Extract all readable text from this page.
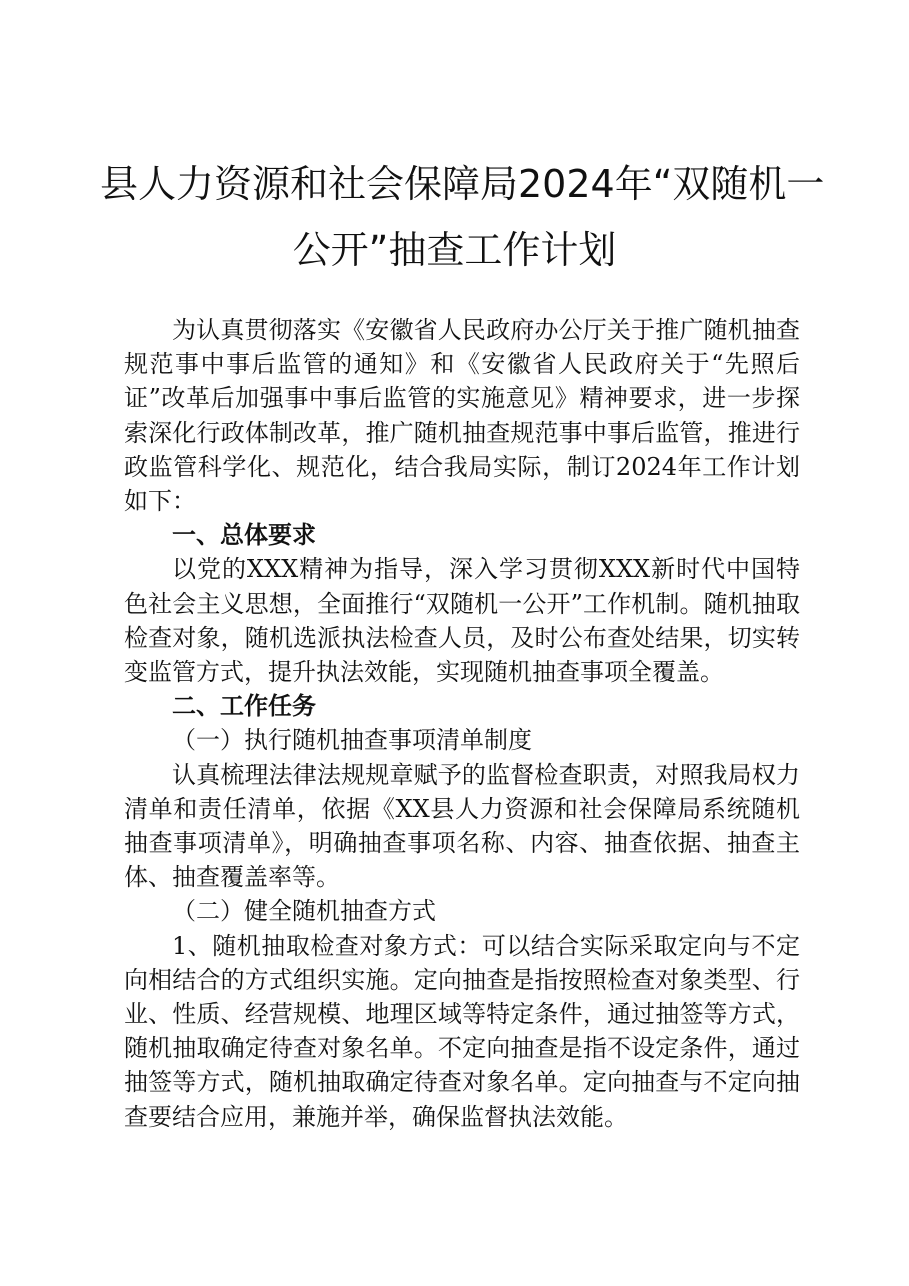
县人力资源和社会保障局2024年“双随机一
公开”抽查工作计划

为认真贯彻落实《安徽省人民政府办公厅关于推广随机抽查规范事中事后监管的通知》和《安徽省人民政府关于“先照后证”改革后加强事中事后监管的实施意见》精神要求，进一步探索深化行政体制改革，推广随机抽查规范事中事后监管，推进行政监管科学化、规范化，结合我局实际，制订2024年工作计划如下：

一、总体要求

以党的XXX精神为指导，深入学习贯彻XXX新时代中国特色社会主义思想，全面推行“双随机一公开”工作机制。随机抽取检查对象，随机选派执法检查人员，及时公布查处结果，切实转变监管方式，提升执法效能，实现随机抽查事项全覆盖。

二、工作任务

（一）执行随机抽查事项清单制度

认真梳理法律法规规章赋予的监督检查职责，对照我局权力清单和责任清单，依据《XX县人力资源和社会保障局系统随机抽查事项清单》，明确抽查事项名称、内容、抽查依据、抽查主体、抽查覆盖率等。

（二）健全随机抽查方式

1、随机抽取检查对象方式：可以结合实际采取定向与不定向相结合的方式组织实施。定向抽查是指按照检查对象类型、行业、性质、经营规模、地理区域等特定条件，通过抽签等方式，随机抽取确定待查对象名单。不定向抽查是指不设定条件，通过抽签等方式，随机抽取确定待查对象名单。定向抽查与不定向抽查要结合应用，兼施并举，确保监督执法效能。
